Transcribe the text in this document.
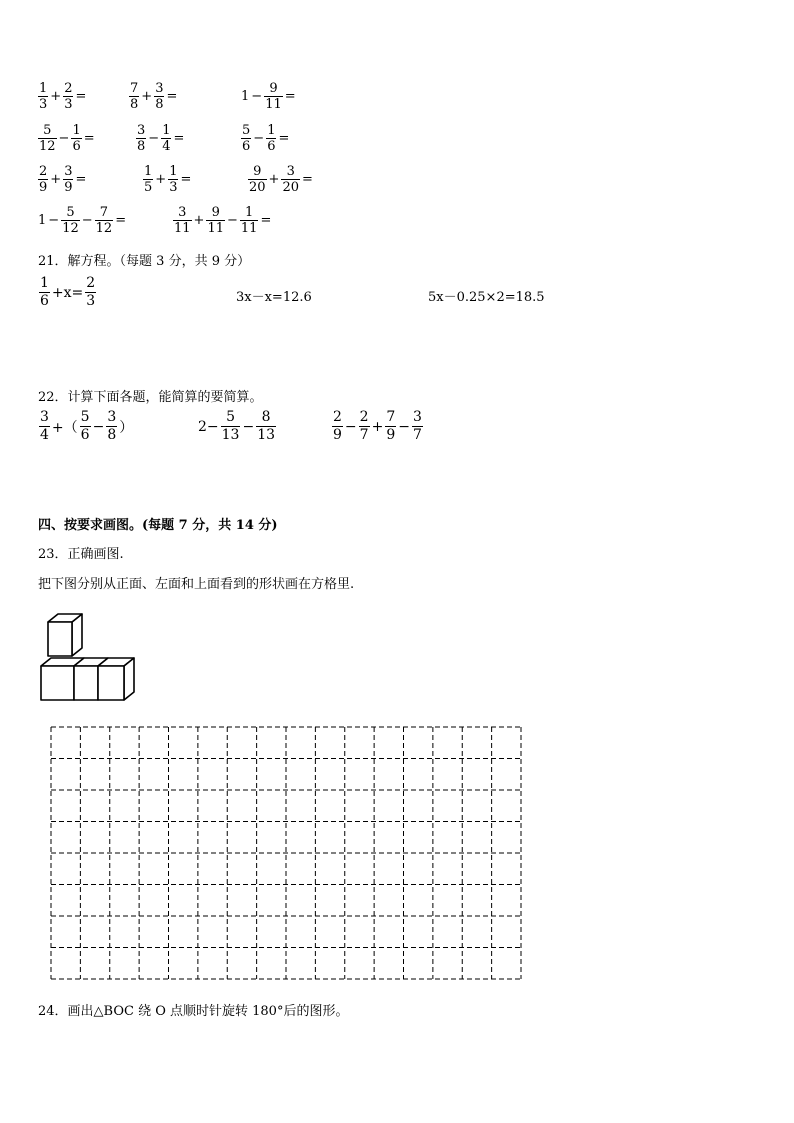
$\frac{1}{3} + \frac{2}{3}$ =	$\frac{7}{8} + \frac{3}{8}$ =	$1 - \frac{9}{11}$ =
$\frac{5}{12} - \frac{1}{6}$ =	$\frac{3}{8} - \frac{1}{4}$ =	$\frac{5}{6} - \frac{1}{6}$ =
$\frac{2}{9} + \frac{3}{9}$ =	$\frac{1}{5} + \frac{1}{3}$ =	$\frac{9}{20} + \frac{3}{20}$ =
$1 - \frac{5}{12} - \frac{7}{12}$ =	$\frac{3}{11} + \frac{9}{11} - \frac{1}{11}$ =
21．解方程。（每题 3 分，共 9 分）
$\frac{1}{6} +x= \frac{2}{3}$	3x－x=12.6	5x－0.25×2=18.5
22．计算下面各题，能简算的要简算。
$\frac{3}{4}$ +（ $\frac{5}{6} - \frac{3}{8}$ ）	$2- \frac{5}{13} - \frac{8}{13}$	$\frac{2}{9} - \frac{2}{7} + \frac{7}{9} - \frac{3}{7}$
四、按要求画图。(每题 7 分，共 14 分)
23．正确画图.
把下图分别从正面、左面和上面看到的形状画在方格里.
24．画出△BOC 绕 O 点顺时针旋转 180°后的图形。
